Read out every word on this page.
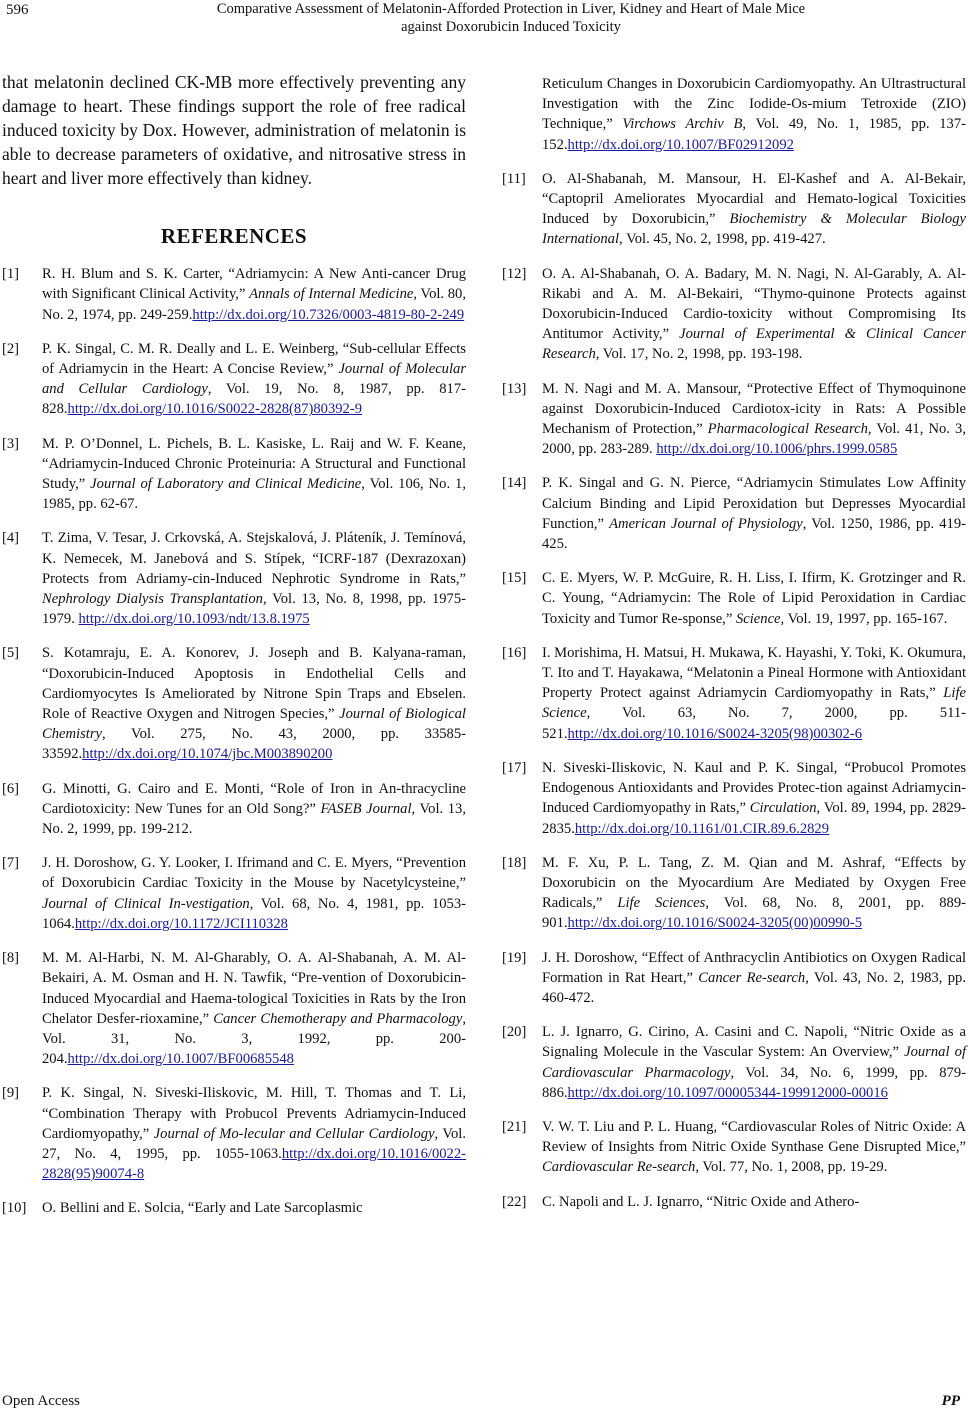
596	Comparative Assessment of Melatonin-Afforded Protection in Liver, Kidney and Heart of Male Mice
against Doxorubicin Induced Toxicity

that melatonin declined CK-MB more effectively preventing any damage to heart. These findings support the role of free radical induced toxicity by Dox. However, administration of melatonin is able to decrease parameters of oxidative, and nitrosative stress in heart and liver more effectively than kidney.

REFERENCES
[1]	R. H. Blum and S. K. Carter, “Adriamycin: A New Anti-cancer Drug with Significant Clinical Activity,” Annals of Internal Medicine, Vol. 80, No. 2, 1974, pp. 249-259.http://dx.doi.org/10.7326/0003-4819-80-2-249
[2]	P. K. Singal, C. M. R. Deally and L. E. Weinberg, “Sub-cellular Effects of Adriamycin in the Heart: A Concise Review,” Journal of Molecular and Cellular Cardiology, Vol. 19, No. 8, 1987, pp. 817-828.http://dx.doi.org/10.1016/S0022-2828(87)80392-9
[3]	M. P. O’Donnel, L. Pichels, B. L. Kasiske, L. Raij and W. F. Keane, “Adriamycin-Induced Chronic Proteinuria: A Structural and Functional Study,” Journal of Laboratory and Clinical Medicine, Vol. 106, No. 1, 1985, pp. 62-67.
[4]	T. Zima, V. Tesar, J. Crkovská, A. Stejskalová, J. Pláteník, J. Temínová, K. Nemecek, M. Janebová and S. Stípek, “ICRF-187 (Dexrazoxan) Protects from Adriamy-cin-Induced Nephrotic Syndrome in Rats,” Nephrology Dialysis Transplantation, Vol. 13, No. 8, 1998, pp. 1975-1979. http://dx.doi.org/10.1093/ndt/13.8.1975
[5]	S. Kotamraju, E. A. Konorev, J. Joseph and B. Kalyana-raman, “Doxorubicin-Induced Apoptosis in Endothelial Cells and Cardiomyocytes Is Ameliorated by Nitrone Spin Traps and Ebselen. Role of Reactive Oxygen and Nitrogen Species,” Journal of Biological Chemistry, Vol. 275, No. 43, 2000, pp. 33585-33592.http://dx.doi.org/10.1074/jbc.M003890200
[6]	G. Minotti, G. Cairo and E. Monti, “Role of Iron in An-thracycline Cardiotoxicity: New Tunes for an Old Song?” FASEB Journal, Vol. 13, No. 2, 1999, pp. 199-212.
[7]	J. H. Doroshow, G. Y. Looker, I. Ifrimand and C. E. Myers, “Prevention of Doxorubicin Cardiac Toxicity in the Mouse by Nacetylcysteine,” Journal of Clinical In-vestigation, Vol. 68, No. 4, 1981, pp. 1053-1064.http://dx.doi.org/10.1172/JCI110328
[8]	M. M. Al-Harbi, N. M. Al-Gharably, O. A. Al-Shabanah, A. M. Al-Bekairi, A. M. Osman and H. N. Tawfik, “Pre-vention of Doxorubicin-Induced Myocardial and Haema-tological Toxicities in Rats by the Iron Chelator Desfer-rioxamine,” Cancer Chemotherapy and Pharmacology, Vol. 31, No. 3, 1992, pp. 200-204.http://dx.doi.org/10.1007/BF00685548
[9]	P. K. Singal, N. Siveski-Iliskovic, M. Hill, T. Thomas and T. Li, “Combination Therapy with Probucol Prevents Adriamycin-Induced Cardiomyopathy,” Journal of Mo-lecular and Cellular Cardiology, Vol. 27, No. 4, 1995, pp. 1055-1063.http://dx.doi.org/10.1016/0022-2828(95)90074-8
[10]	O. Bellini and E. Solcia, “Early and Late Sarcoplasmic
Reticulum Changes in Doxorubicin Cardiomyopathy. An Ultrastructural Investigation with the Zinc Iodide-Os-mium Tetroxide (ZIO) Technique,” Virchows Archiv B, Vol. 49, No. 1, 1985, pp. 137-152.http://dx.doi.org/10.1007/BF02912092
[11]	O. Al-Shabanah, M. Mansour, H. El-Kashef and A. Al-Bekair, “Captopril Ameliorates Myocardial and Hemato-logical Toxicities Induced by Doxorubicin,” Biochemistry & Molecular Biology International, Vol. 45, No. 2, 1998, pp. 419-427.
[12]	O. A. Al-Shabanah, O. A. Badary, M. N. Nagi, N. Al-Garably, A. Al-Rikabi and A. M. Al-Bekairi, “Thymo-quinone Protects against Doxorubicin-Induced Cardio-toxicity without Compromising Its Antitumor Activity,” Journal of Experimental & Clinical Cancer Research, Vol. 17, No. 2, 1998, pp. 193-198.
[13]	M. N. Nagi and M. A. Mansour, “Protective Effect of Thymoquinone against Doxorubicin-Induced Cardiotox-icity in Rats: A Possible Mechanism of Protection,” Pharmacological Research, Vol. 41, No. 3, 2000, pp. 283-289. http://dx.doi.org/10.1006/phrs.1999.0585
[14]	P. K. Singal and G. N. Pierce, “Adriamycin Stimulates Low Affinity Calcium Binding and Lipid Peroxidation but Depresses Myocardial Function,” American Journal of Physiology, Vol. 1250, 1986, pp. 419-425.
[15]	C. E. Myers, W. P. McGuire, R. H. Liss, I. Ifirm, K. Grotzinger and R. C. Young, “Adriamycin: The Role of Lipid Peroxidation in Cardiac Toxicity and Tumor Re-sponse,” Science, Vol. 19, 1997, pp. 165-167.
[16]	I. Morishima, H. Matsui, H. Mukawa, K. Hayashi, Y. Toki, K. Okumura, T. Ito and T. Hayakawa, “Melatonin a Pineal Hormone with Antioxidant Property Protect against Adriamycin Cardiomyopathy in Rats,” Life Science, Vol. 63, No. 7, 2000, pp. 511-521.http://dx.doi.org/10.1016/S0024-3205(98)00302-6
[17]	N. Siveski-Iliskovic, N. Kaul and P. K. Singal, “Probucol Promotes Endogenous Antioxidants and Provides Protec-tion against Adriamycin-Induced Cardiomyopathy in Rats,” Circulation, Vol. 89, 1994, pp. 2829-2835.http://dx.doi.org/10.1161/01.CIR.89.6.2829
[18]	M. F. Xu, P. L. Tang, Z. M. Qian and M. Ashraf, “Effects by Doxorubicin on the Myocardium Are Mediated by Oxygen Free Radicals,” Life Sciences, Vol. 68, No. 8, 2001, pp. 889-901.http://dx.doi.org/10.1016/S0024-3205(00)00990-5
[19]	J. H. Doroshow, “Effect of Anthracyclin Antibiotics on Oxygen Radical Formation in Rat Heart,” Cancer Re-search, Vol. 43, No. 2, 1983, pp. 460-472.
[20]	L. J. Ignarro, G. Cirino, A. Casini and C. Napoli, “Nitric Oxide as a Signaling Molecule in the Vascular System: An Overview,” Journal of Cardiovascular Pharmacology, Vol. 34, No. 6, 1999, pp. 879-886.http://dx.doi.org/10.1097/00005344-199912000-00016
[21]	V. W. T. Liu and P. L. Huang, “Cardiovascular Roles of Nitric Oxide: A Review of Insights from Nitric Oxide Synthase Gene Disrupted Mice,” Cardiovascular Re-search, Vol. 77, No. 1, 2008, pp. 19-29.
[22]	C. Napoli and L. J. Ignarro, “Nitric Oxide and Athero-
Open Access	PP
